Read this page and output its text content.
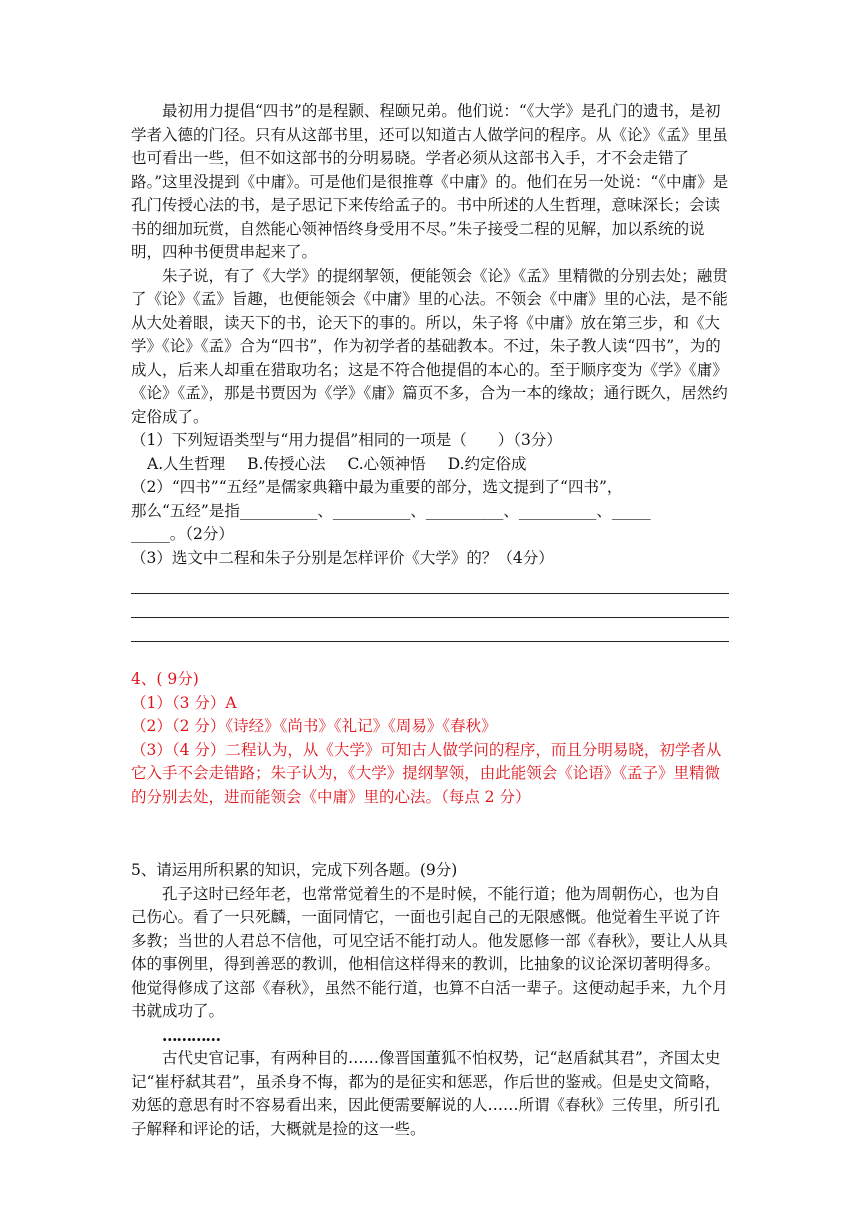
最初用力提倡“四书”的是程颢、程颐兄弟。他们说：“《大学》是孔门的遗书，是初学者入德的门径。只有从这部书里，还可以知道古人做学问的程序。从《论》《孟》里虽也可看出一些，但不如这部书的分明易晓。学者必须从这部书入手，才不会走错了路。”这里没提到《中庸》。可是他们是很推尊《中庸》的。他们在另一处说：“《中庸》是孔门传授心法的书，是子思记下来传给孟子的。书中所述的人生哲理，意味深长；会读书的细加玩赏，自然能心领神悟终身受用不尽。”朱子接受二程的见解，加以系统的说明，四种书便贯串起来了。

朱子说，有了《大学》的提纲挈领，便能领会《论》《孟》里精微的分别去处；融贯了《论》《孟》旨趣，也便能领会《中庸》里的心法。不领会《中庸》里的心法，是不能从大处着眼，读天下的书，论天下的事的。所以，朱子将《中庸》放在第三步，和《大学》《论》《孟》合为“四书”，作为初学者的基础教本。不过，朱子教人读“四书”，为的成人，后来人却重在猎取功名；这是不符合他提倡的本心的。至于顺序变为《学》《庸》《论》《孟》，那是书贾因为《学》《庸》篇页不多，合为一本的缘故；通行既久，居然约定俗成了。

（1）下列短语类型与“用力提倡”相同的一项是（　　）（3分）

A.人生哲理 B.传授心法 C.心领神悟 D.约定俗成

（2）“四书”“五经”是儒家典籍中最为重要的部分，选文提到了“四书”，

那么“五经”是指__________、__________、__________、__________、_____

_____。（2分）

（3）选文中二程和朱子分别是怎样评价《大学》的？（4分）

4、( 9分)

（1）（3 分）A

（2）（2 分）《诗经》《尚书》《礼记》《周易》《春秋》

（3）（4 分）二程认为，从《大学》可知古人做学问的程序，而且分明易晓，初学者从它入手不会走错路；朱子认为，《大学》提纲挈领，由此能领会《论语》《孟子》里精微的分别去处，进而能领会《中庸》里的心法。（每点 2 分）

5、请运用所积累的知识，完成下列各题。(9分)

孔子这时已经年老，也常常觉着生的不是时候，不能行道；他为周朝伤心，也为自己伤心。看了一只死麟，一面同情它，一面也引起自己的无限感慨。他觉着生平说了许多教；当世的人君总不信他，可见空话不能打动人。他发愿修一部《春秋》，要让人从具体的事例里，得到善恶的教训，他相信这样得来的教训，比抽象的议论深切著明得多。他觉得修成了这部《春秋》，虽然不能行道，也算不白活一辈子。这便动起手来，九个月书就成功了。

…………

古代史官记事，有两种目的……像晋国董狐不怕权势，记“赵盾弑其君”，齐国太史记“崔杼弑其君”，虽杀身不悔，都为的是征实和惩恶，作后世的鉴戒。但是史文简略，劝惩的意思有时不容易看出来，因此便需要解说的人……所谓《春秋》三传里，所引孔子解释和评论的话，大概就是捡的这一些。
